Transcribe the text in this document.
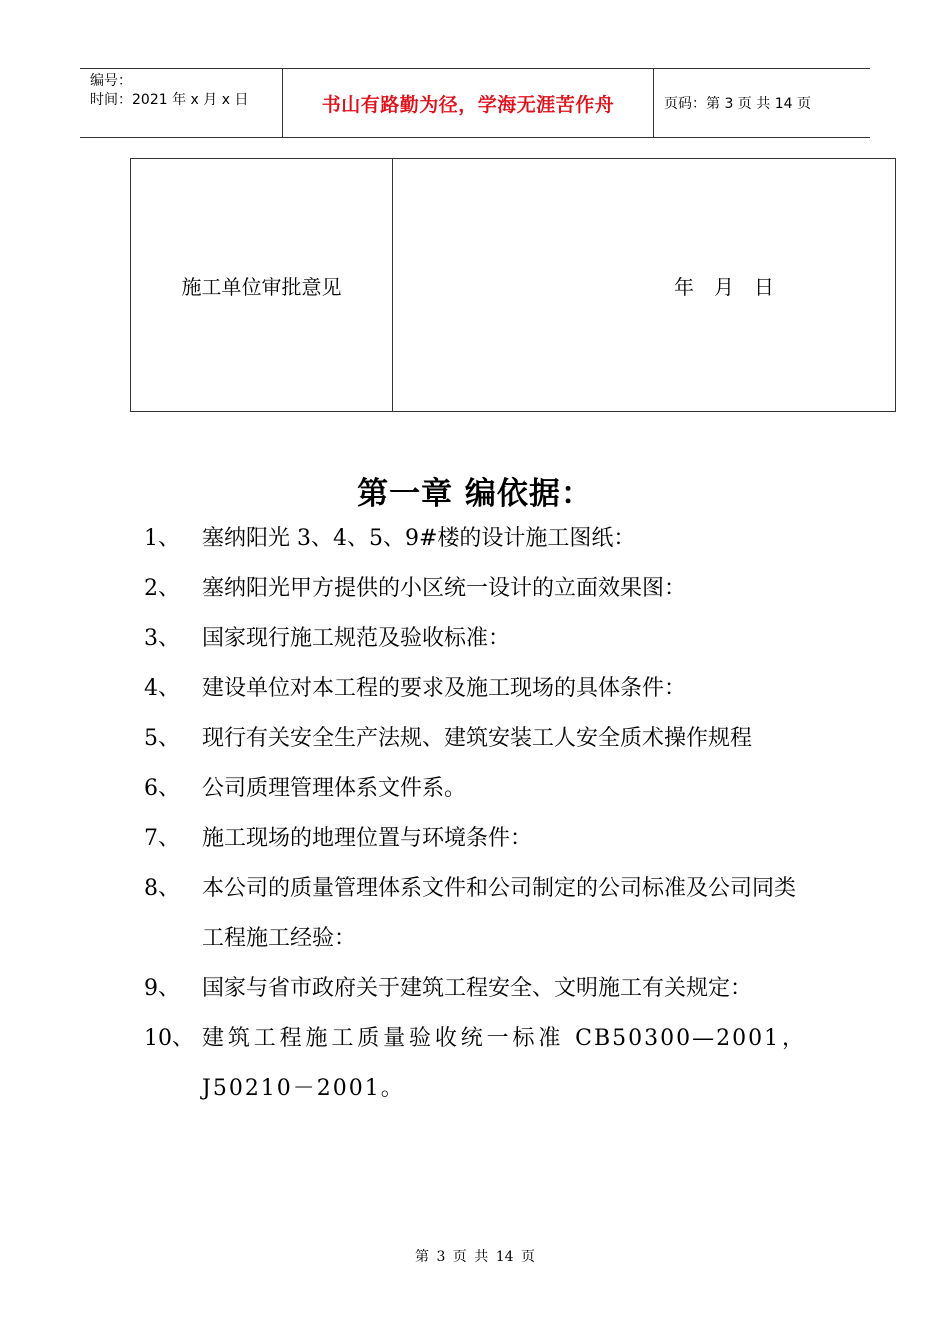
编号：
时间：2021 年 x 月 x 日	书山有路勤为径，学海无涯苦作舟	页码：第 3 页 共 14 页
施工单位审批意见	年 月 日
第一章 编依据：
1、	塞纳阳光 3、4、5、9#楼的设计施工图纸：
2、	塞纳阳光甲方提供的小区统一设计的立面效果图：
3、	国家现行施工规范及验收标准：
4、	建设单位对本工程的要求及施工现场的具体条件：
5、	现行有关安全生产法规、建筑安装工人安全质术操作规程
6、	公司质理管理体系文件系。
7、	施工现场的地理位置与环境条件：
8、	本公司的质量管理体系文件和公司制定的公司标准及公司同类工程施工经验：
9、	国家与省市政府关于建筑工程安全、文明施工有关规定：
10、 建筑工程施工质量验收统一标准 CB50300—2001，J50210－2001。
第 3 页 共 14 页
